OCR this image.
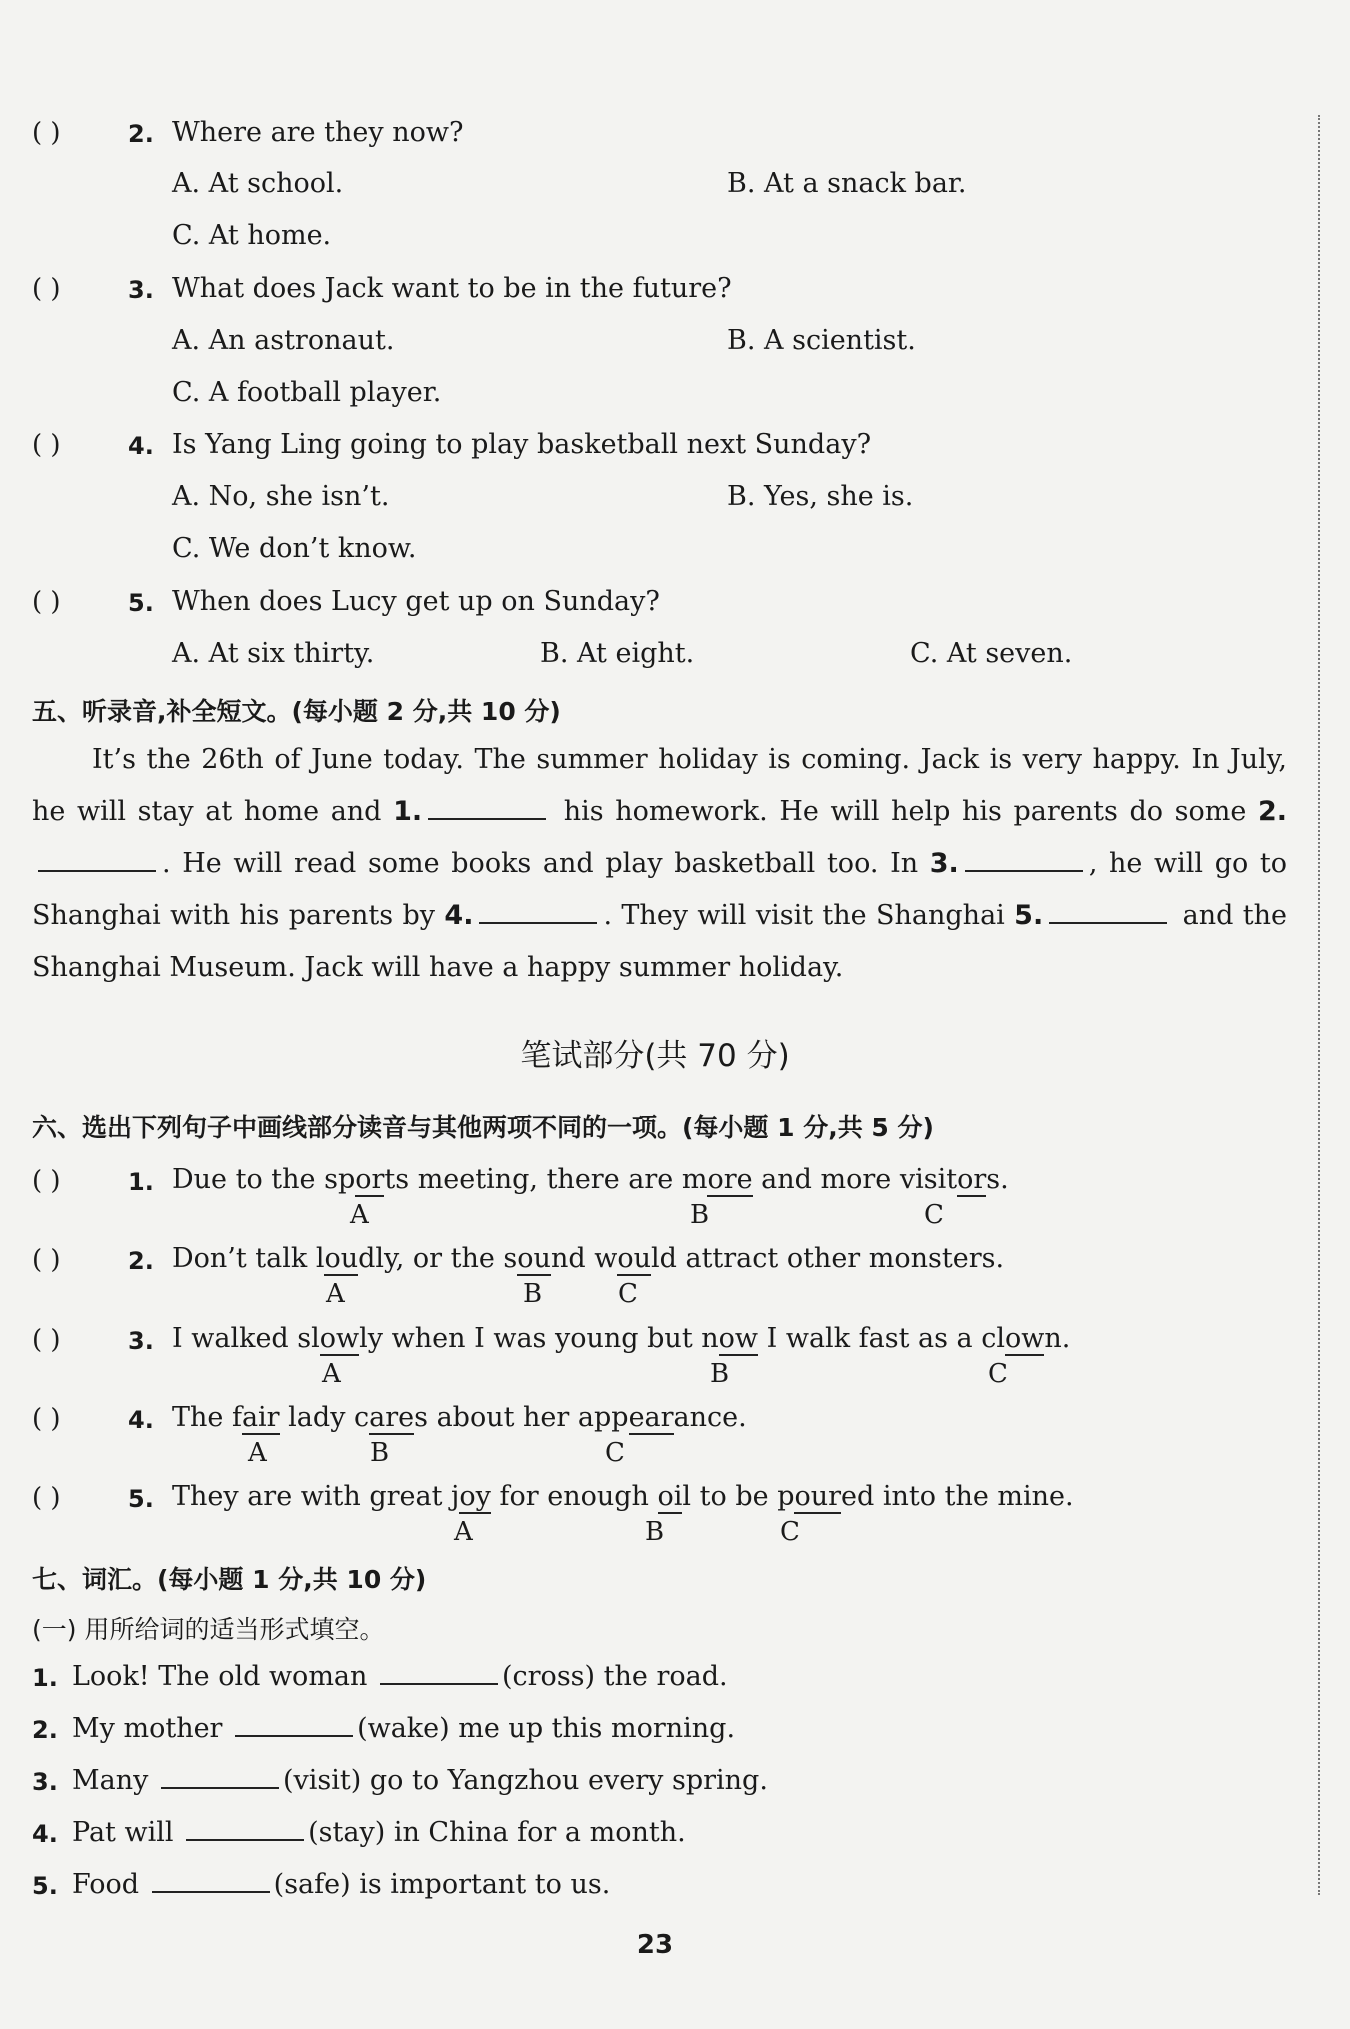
( )	2. Where are they now?
A. At school.	B. At a snack bar.
C. At home.
( )	3. What does Jack want to be in the future?
A. An astronaut.	B. A scientist.
C. A football player.
( )	4. Is Yang Ling going to play basketball next Sunday?
A. No, she isn’t.	B. Yes, she is.
C. We don’t know.
( )	5. When does Lucy get up on Sunday?
A. At six thirty.	B. At eight.	C. At seven.
五、听录音,补全短文。(每小题 2 分,共 10 分)
It’s the 26th of June today. The summer holiday is coming. Jack is very happy. In July, he will stay at home and 1.	his homework. He will help his parents do some 2.. He will read some books and play basketball too. In 3.	, he will go to Shanghai with his parents by 4.	. They will visit the Shanghai 5.	and the Shanghai Museum. Jack will have a happy summer holiday.
笔试部分(共 70 分)
六、选出下列句子中画线部分读音与其他两项不同的一项。(每小题 1 分,共 5 分)
( )	1. Due to the sports meeting, there are more and more visitors.
A	B	C
( )	2. Don’t talk loudly, or the sound would attract other monsters.
A	B	C
( )	3. I walked slowly when I was young but now I walk fast as a clown.
A	B	C
( )	4. The fair lady cares about her appearance.
A	B	C
( )	5. They are with great joy for enough oil to be poured into the mine.
A	B	C
七、词汇。(每小题 1 分,共 10 分)
(一) 用所给词的适当形式填空。
1. Look! The old woman	(cross) the road.
2. My mother	(wake) me up this morning.
3. Many	(visit) go to Yangzhou every spring.
4. Pat will	(stay) in China for a month.
5. Food	(safe) is important to us.
23
